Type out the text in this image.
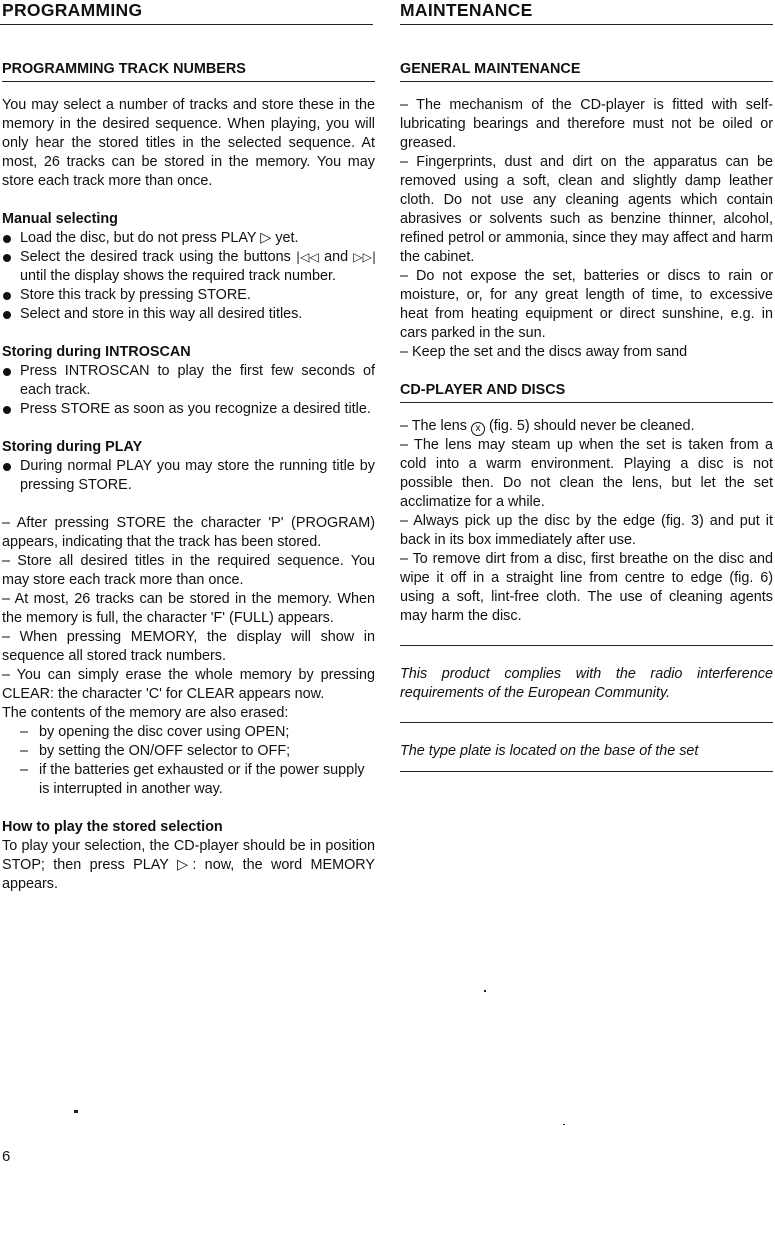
PROGRAMMING	MAINTENANCE
PROGRAMMING TRACK NUMBERS

You may select a number of tracks and store these in the memory in the desired sequence. When playing, you will only hear the stored titles in the selected sequence. At most, 26 tracks can be stored in the memory. You may store each track more than once.

Manual selecting

Load the disc, but do not press PLAY ▷ yet.
Select the desired track using the buttons |◁◁ and ▷▷| until the display shows the required track number.
Store this track by pressing STORE.
Select and store in this way all desired titles.

Storing during INTROSCAN

Press INTROSCAN to play the first few seconds of each track.
Press STORE as soon as you recognize a desired title.

Storing during PLAY

During normal PLAY you may store the running title by pressing STORE.

– After pressing STORE the character 'P' (PROGRAM) appears, indicating that the track has been stored.

– Store all desired titles in the required sequence. You may store each track more than once.

– At most, 26 tracks can be stored in the memory. When the memory is full, the character 'F' (FULL) appears.

– When pressing MEMORY, the display will show in sequence all stored track numbers.

– You can simply erase the whole memory by pressing CLEAR: the character 'C' for CLEAR appears now.

The contents of the memory are also erased:

– by opening the disc cover using OPEN;
– by setting the ON/OFF selector to OFF;
– if the batteries get exhausted or if the power supply is interrupted in another way.

How to play the stored selection

To play your selection, the CD-player should be in position STOP; then press PLAY ▷: now, the word MEMORY appears.

GENERAL MAINTENANCE

– The mechanism of the CD-player is fitted with self-lubricating bearings and therefore must not be oiled or greased.

– Fingerprints, dust and dirt on the apparatus can be removed using a soft, clean and slightly damp leather cloth. Do not use any cleaning agents which contain abrasives or solvents such as benzine thinner, alcohol, refined petrol or ammonia, since they may affect and harm the cabinet.

– Do not expose the set, batteries or discs to rain or moisture, or, for any great length of time, to excessive heat from heating equipment or direct sunshine, e.g. in cars parked in the sun.

– Keep the set and the discs away from sand

CD-PLAYER AND DISCS

– The lens x (fig. 5) should never be cleaned.

– The lens may steam up when the set is taken from a cold into a warm environment. Playing a disc is not possible then. Do not clean the lens, but let the set acclimatize for a while.

– Always pick up the disc by the edge (fig. 3) and put it back in its box immediately after use.

– To remove dirt from a disc, first breathe on the disc and wipe it off in a straight line from centre to edge (fig. 6) using a soft, lint-free cloth. The use of cleaning agents may harm the disc.

This product complies with the radio interference requirements of the European Community.

The type plate is located on the base of the set

6
